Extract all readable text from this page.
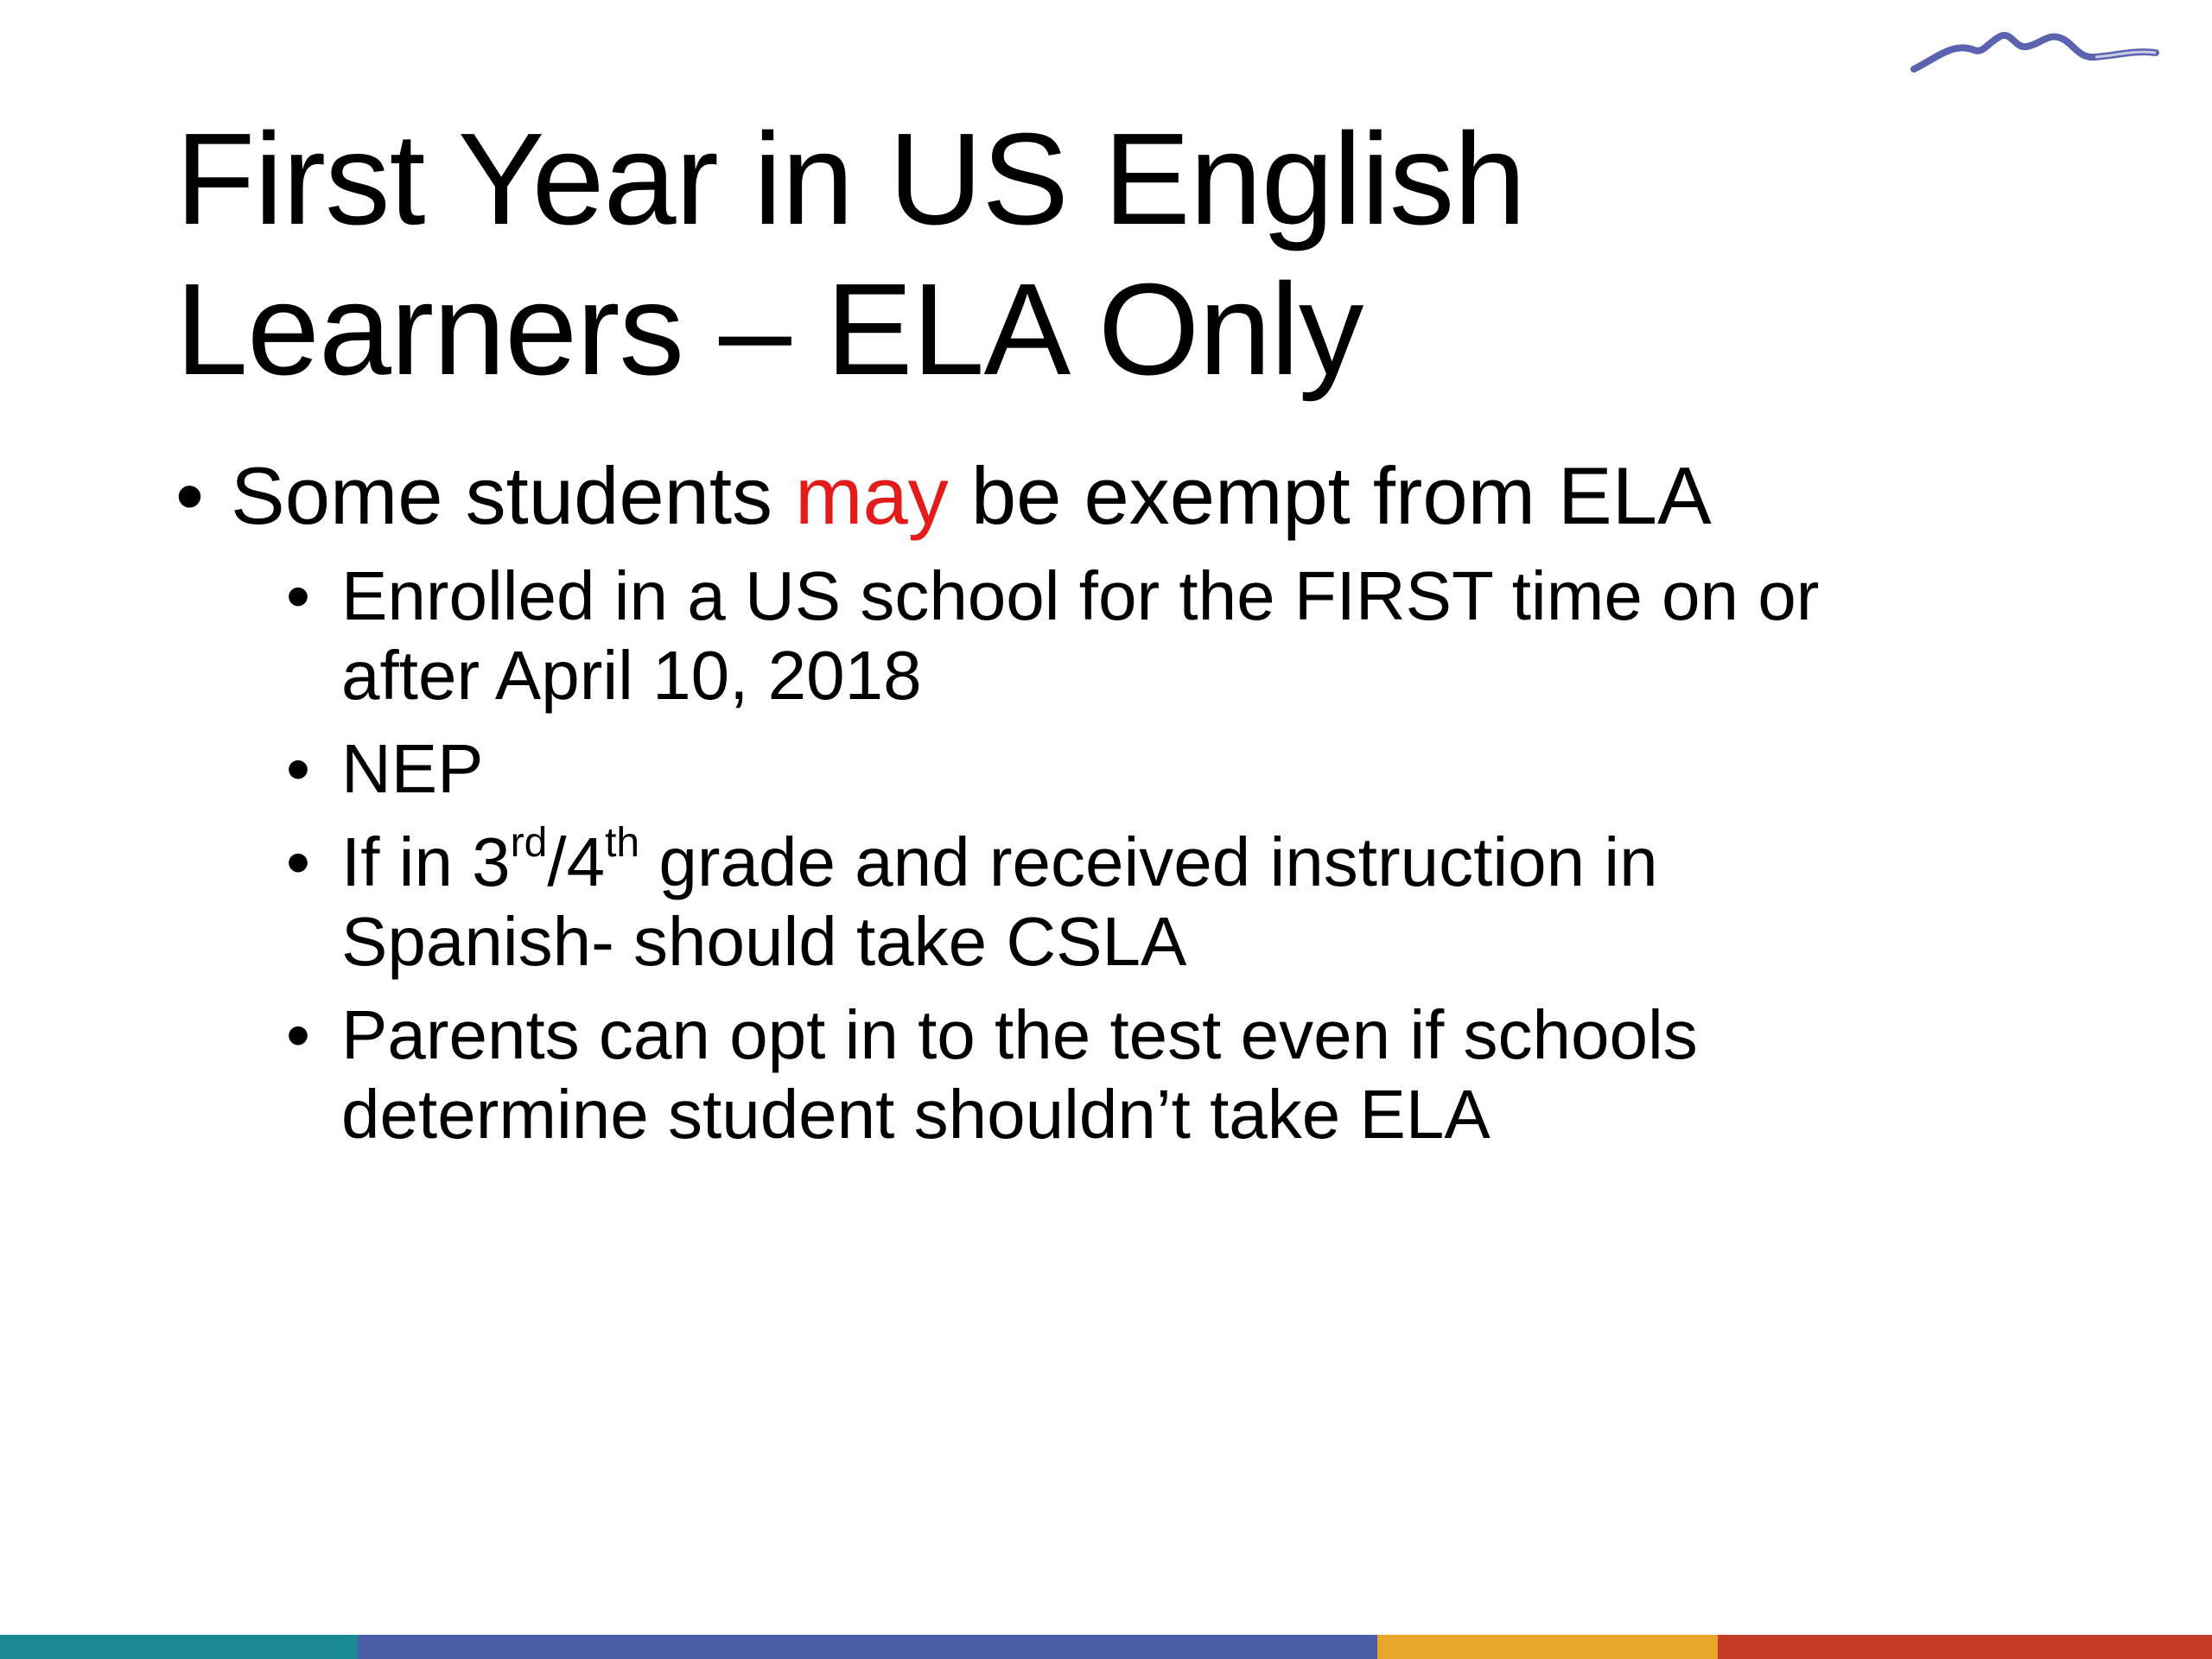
First Year in US English
Learners – ELA Only
• Some students may be exempt from ELA
• Enrolled in a US school for the FIRST time on or
after April 10, 2018
• NEP
• If in 3rd/4th grade and received instruction in
Spanish- should take CSLA
• Parents can opt in to the test even if schools
determine student shouldn’t take ELA
